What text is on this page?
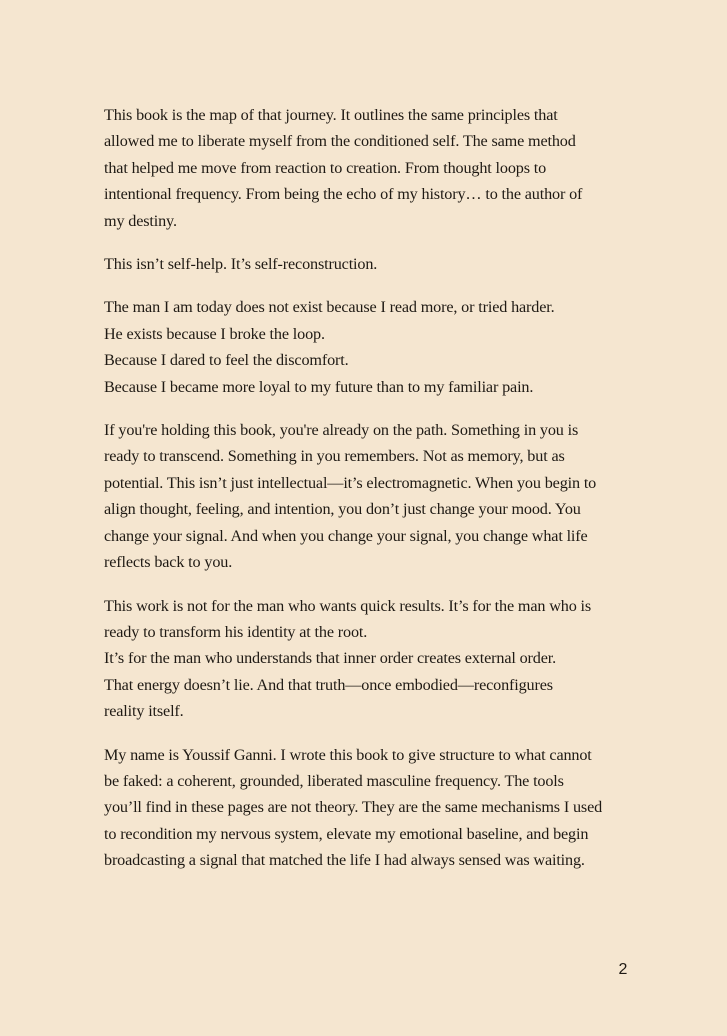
This book is the map of that journey. It outlines the same principles that
allowed me to liberate myself from the conditioned self. The same method
that helped me move from reaction to creation. From thought loops to
intentional frequency. From being the echo of my history… to the author of
my destiny.

This isn’t self-help. It’s self-reconstruction.

The man I am today does not exist because I read more, or tried harder.
He exists because I broke the loop.
Because I dared to feel the discomfort.
Because I became more loyal to my future than to my familiar pain.

If you're holding this book, you're already on the path. Something in you is
ready to transcend. Something in you remembers. Not as memory, but as
potential. This isn’t just intellectual—it’s electromagnetic. When you begin to
align thought, feeling, and intention, you don’t just change your mood. You
change your signal. And when you change your signal, you change what life
reflects back to you.

This work is not for the man who wants quick results. It’s for the man who is
ready to transform his identity at the root.
It’s for the man who understands that inner order creates external order.
That energy doesn’t lie. And that truth—once embodied—reconfigures
reality itself.

My name is Youssif Ganni. I wrote this book to give structure to what cannot
be faked: a coherent, grounded, liberated masculine frequency. The tools
you’ll find in these pages are not theory. They are the same mechanisms I used
to recondition my nervous system, elevate my emotional baseline, and begin
broadcasting a signal that matched the life I had always sensed was waiting.

2
